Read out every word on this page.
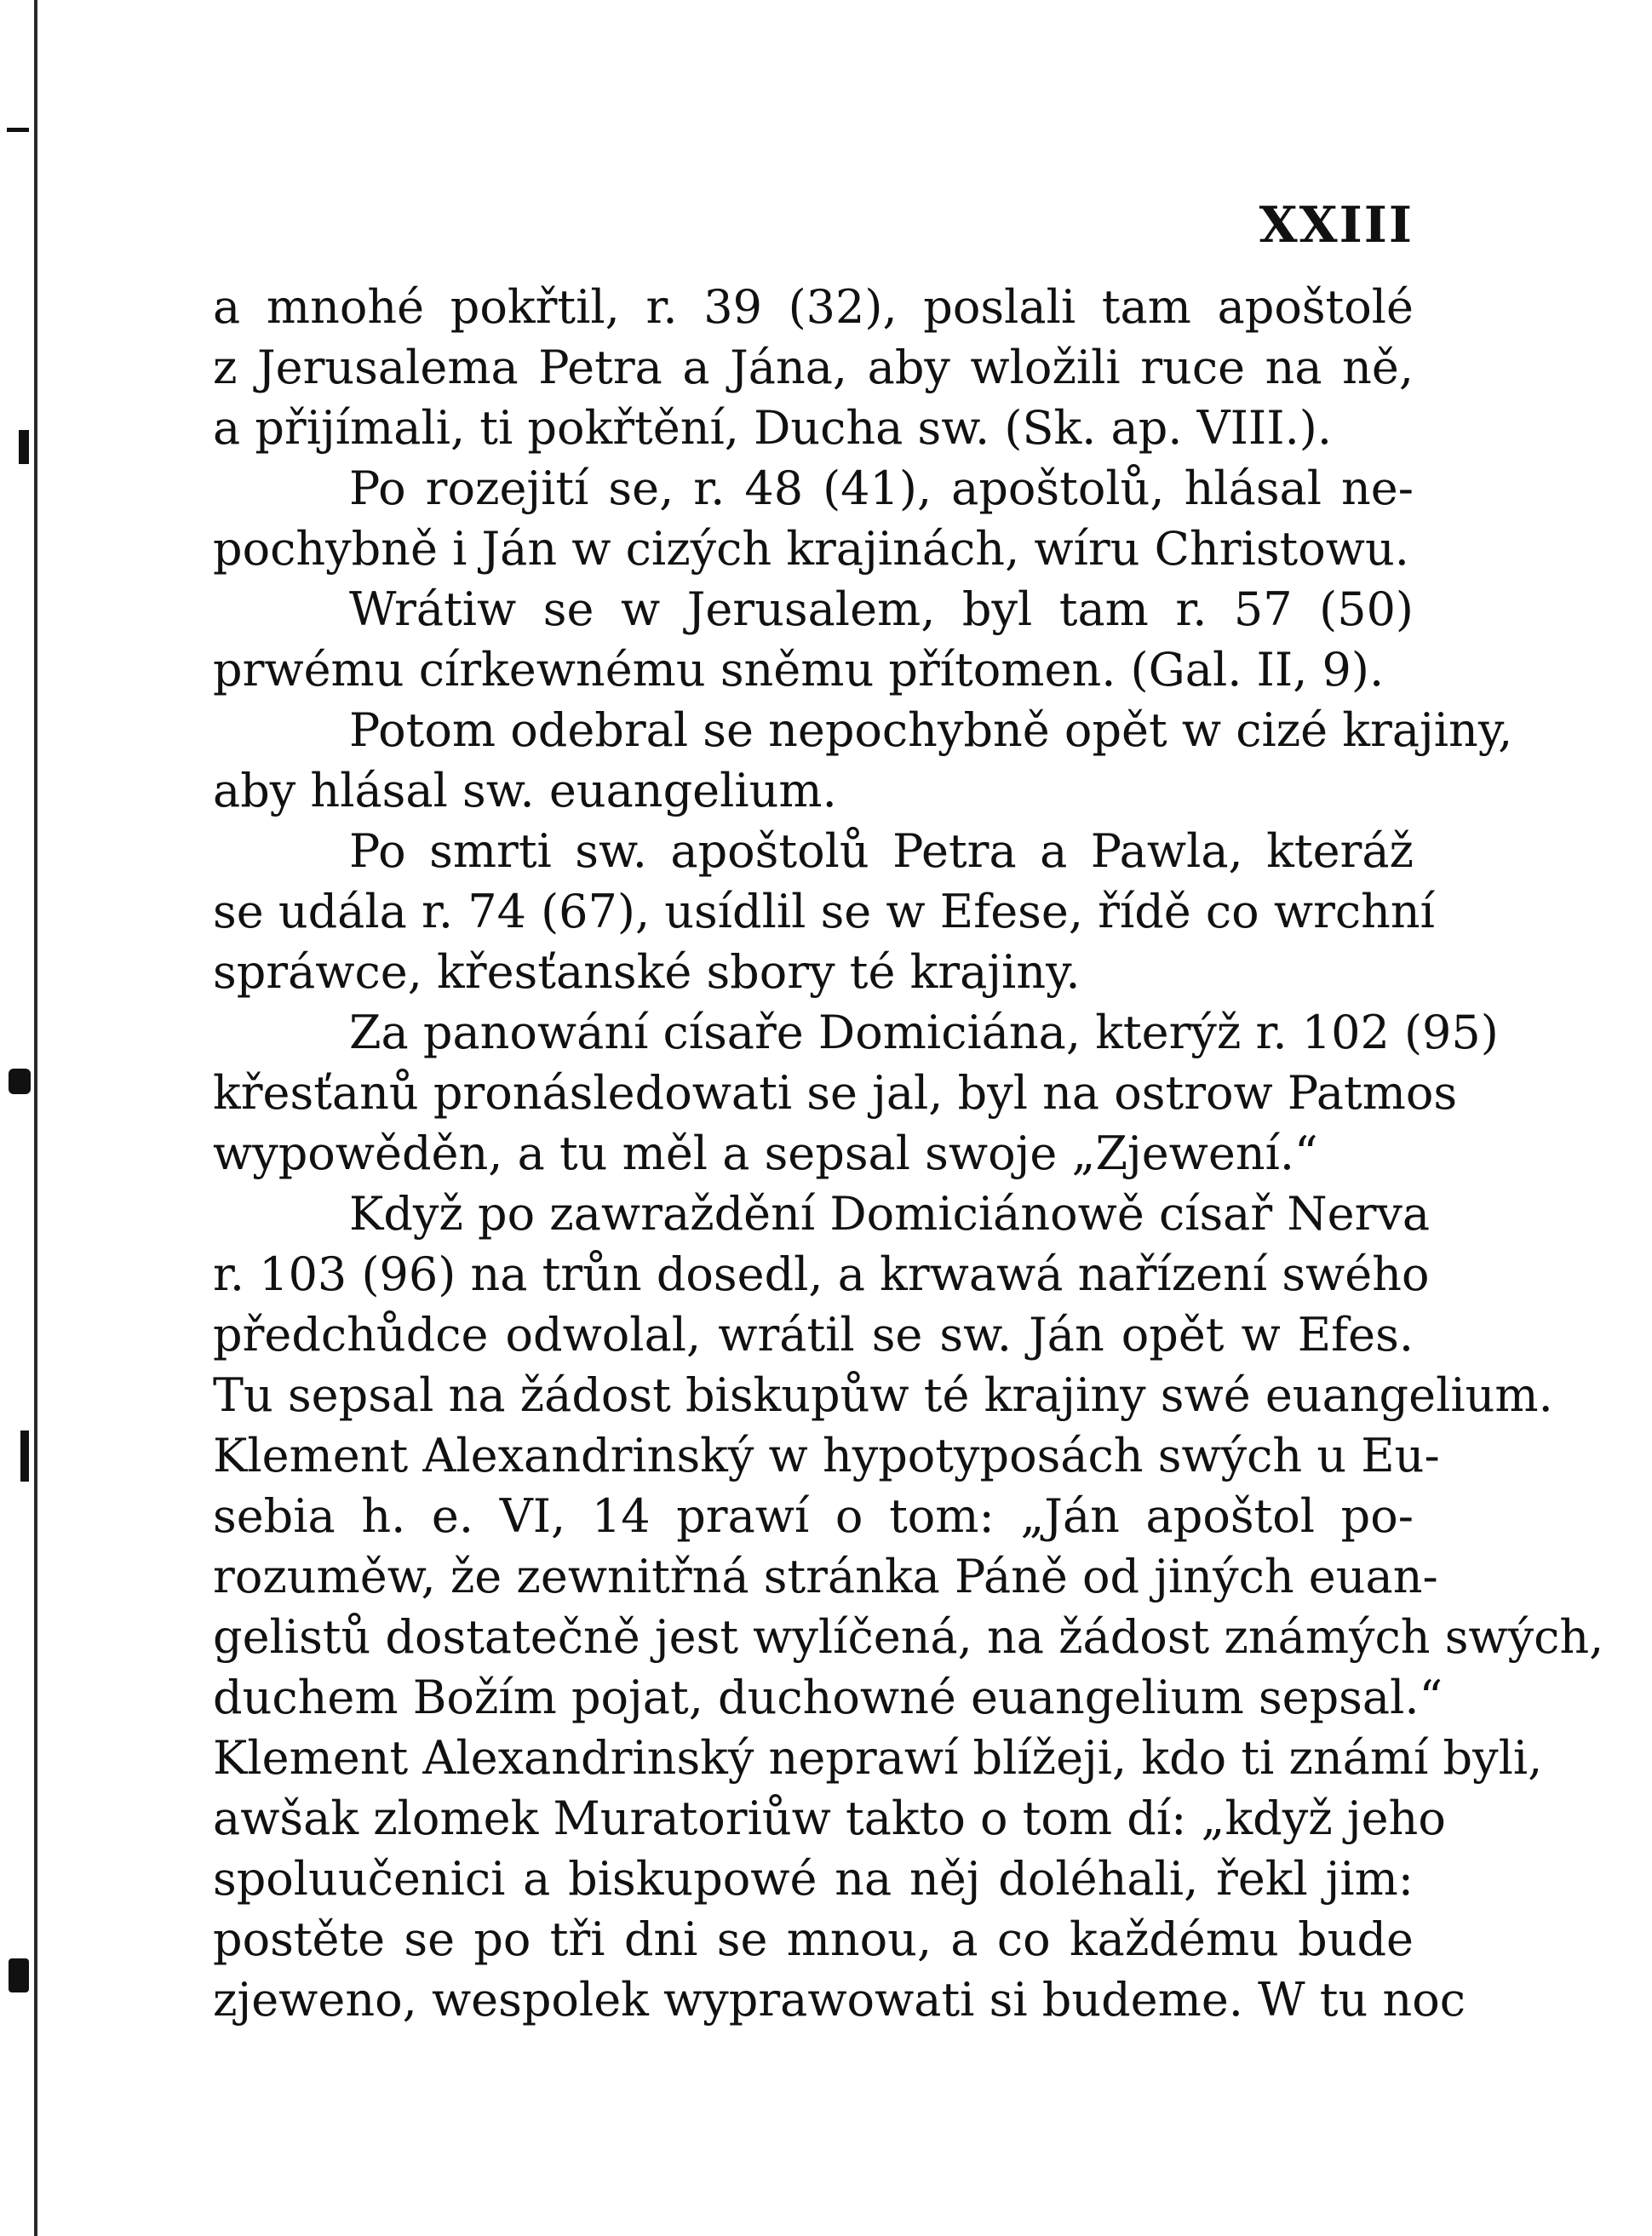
XXIII
a mnohé pokřtil, r. 39 (32), poslali tam apoštolé
z Jerusalema Petra a Jána, aby wložili ruce na ně,
a přijímali, ti pokřtění, Ducha sw. (Sk. ap. VIII.).
Po rozejití se, r. 48 (41), apoštolů, hlásal ne-
pochybně i Ján w cizých krajinách, wíru Christowu.
Wrátiw se w Jerusalem, byl tam r. 57 (50)
prwému církewnému sněmu přítomen. (Gal. II, 9).
Potom odebral se nepochybně opět w cizé krajiny,
aby hlásal sw. euangelium.
Po smrti sw. apoštolů Petra a Pawla, kteráž
se udála r. 74 (67), usídlil se w Efese, řídě co wrchní
spráwce, křesťanské sbory té krajiny.
Za panowání císaře Domiciána, kterýž r. 102 (95)
křesťanů pronásledowati se jal, byl na ostrow Patmos
wypowěděn, a tu měl a sepsal swoje „Zjewení.“
Když po zawraždění Domiciánowě císař Nerva
r. 103 (96) na trůn dosedl, a krwawá nařízení swého
předchůdce odwolal, wrátil se sw. Ján opět w Efes.
Tu sepsal na žádost biskupůw té krajiny swé euangelium.
Klement Alexandrinský w hypotyposách swých u Eu-
sebia h. e. VI, 14 prawí o tom: „Ján apoštol po-
rozuměw, že zewnitřná stránka Páně od jiných euan-
gelistů dostatečně jest wylíčená, na žádost známých swých,
duchem Božím pojat, duchowné euangelium sepsal.“
Klement Alexandrinský neprawí blížeji, kdo ti známí byli,
awšak zlomek Muratoriůw takto o tom dí: „když jeho
spoluučenici a biskupowé na něj doléhali, řekl jim:
postěte se po tři dni se mnou, a co každému bude
zjeweno, wespolek wyprawowati si budeme. W tu noc
